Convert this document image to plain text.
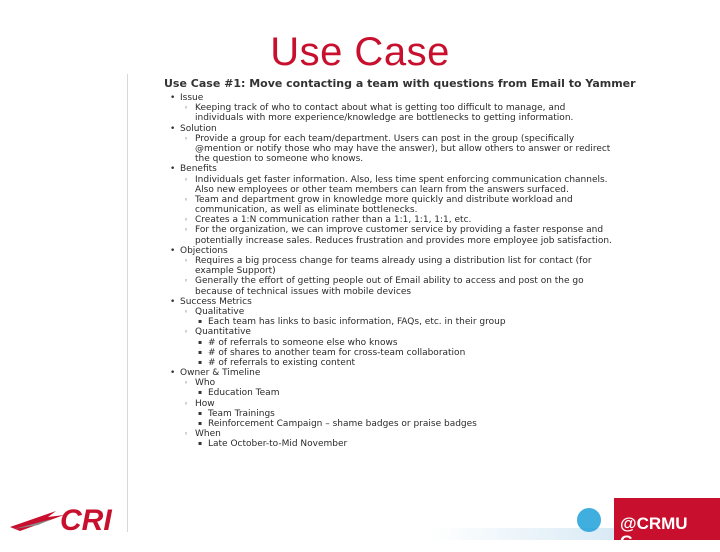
Use Case
Use Case #1: Move contacting a team with questions from Email to Yammer
• Issue
◦ Keeping track of who to contact about what is getting too difficult to manage, and
individuals with more experience/knowledge are bottlenecks to getting information.
• Solution
◦ Provide a group for each team/department. Users can post in the group (specifically
@mention or notify those who may have the answer), but allow others to answer or redirect
the question to someone who knows.
• Benefits
◦ Individuals get faster information. Also, less time spent enforcing communication channels.
Also new employees or other team members can learn from the answers surfaced.
◦ Team and department grow in knowledge more quickly and distribute workload and
communication, as well as eliminate bottlenecks.
◦ Creates a 1:N communication rather than a 1:1, 1:1, 1:1, etc.
◦ For the organization, we can improve customer service by providing a faster response and
potentially increase sales. Reduces frustration and provides more employee job satisfaction.
• Objections
◦ Requires a big process change for teams already using a distribution list for contact (for
example Support)
◦ Generally the effort of getting people out of Email ability to access and post on the go
because of technical issues with mobile devices
• Success Metrics
◦ Qualitative
▪ Each team has links to basic information, FAQs, etc. in their group
◦ Quantitative
▪ # of referrals to someone else who knows
▪ # of shares to another team for cross-team collaboration
▪ # of referrals to existing content
• Owner & Timeline
◦ Who
▪ Education Team
◦ How
▪ Team Trainings
▪ Reinforcement Campaign – shame badges or praise badges
◦ When
▪ Late October-to-Mid November
CRI	@CRMU
G
